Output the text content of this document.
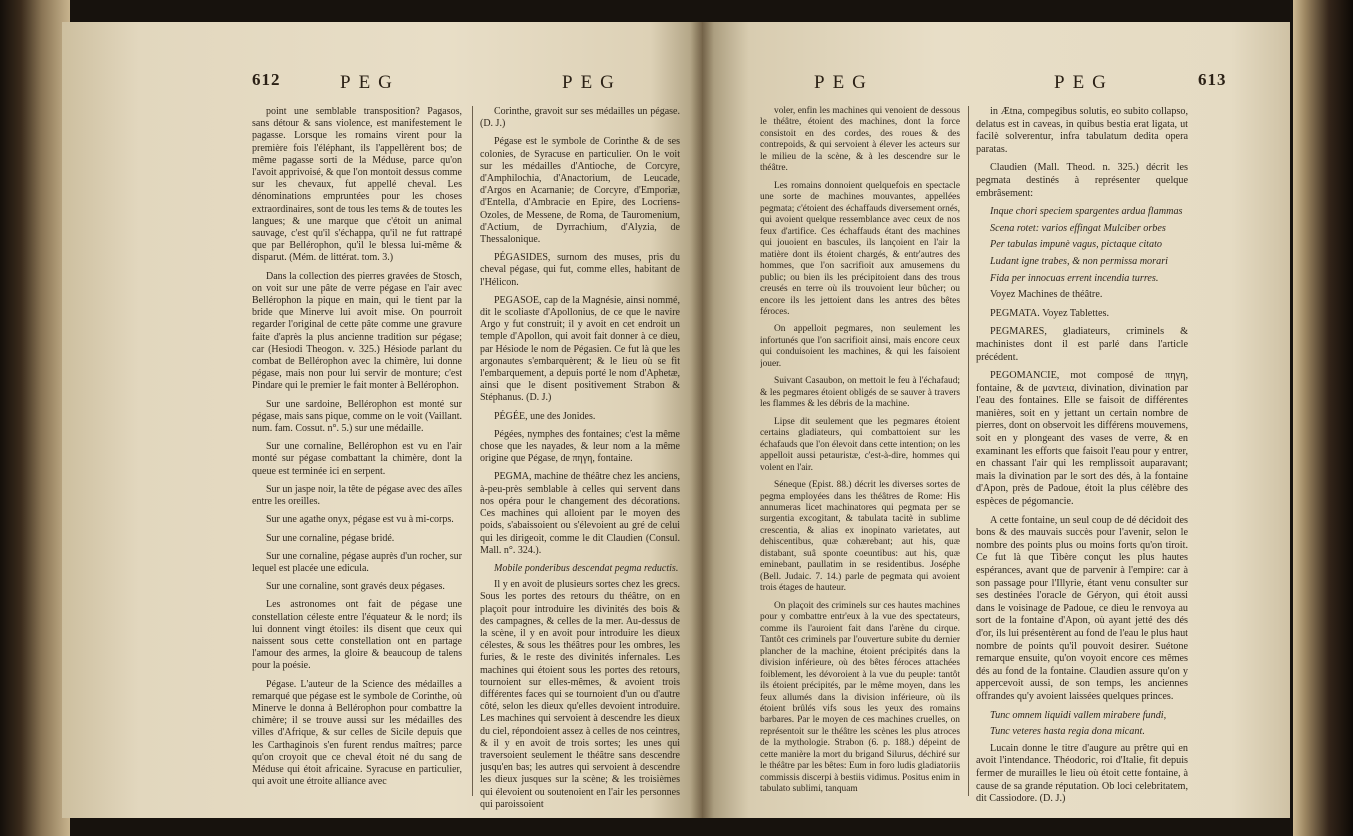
612	PEG	PEG

point une semblable transposition? Pagasos, sans détour & sans violence, est manifestement le pagasse. Lorsque les romains virent pour la première fois l'éléphant, ils l'appellèrent bos; de même pagasse sorti de la Méduse, parce qu'on l'avoit apprivoisé, & que l'on montoit dessus comme sur les chevaux, fut appellé cheval. Les dénominations empruntées pour les choses extraordinaires, sont de tous les tems & de toutes les langues; & une marque que c'étoit un animal sauvage, c'est qu'il s'échappa, qu'il ne fut rattrapé que par Bellérophon, qu'il le blessa lui-même & disparut. (Mém. de littérat. tom. 3.)

Dans la collection des pierres gravées de Stosch, on voit sur une pâte de verre pégase en l'air avec Bellérophon la pique en main, qui le tient par la bride que Minerve lui avoit mise. On pourroit regarder l'original de cette pâte comme une gravure faite d'après la plus ancienne tradition sur pégase; car (Hesiodi Theogon. v. 325.) Hésiode parlant du combat de Bellérophon avec la chimère, lui donne pégase, mais non pour lui servir de monture; c'est Pindare qui le premier le fait monter à Bellérophon.

Sur une sardoine, Bellérophon est monté sur pégase, mais sans pique, comme on le voit (Vaillant. num. fam. Cossut. n°. 5.) sur une médaille.

Sur une cornaline, Bellérophon est vu en l'air monté sur pégase combattant la chimère, dont la queue est terminée ici en serpent.

Sur un jaspe noir, la tête de pégase avec des aîles entre les oreilles.

Sur une agathe onyx, pégase est vu à mi-corps.

Sur une cornaline, pégase bridé.

Sur une cornaline, pégase auprès d'un rocher, sur lequel est placée une edicula.

Sur une cornaline, sont gravés deux pégases.

Les astronomes ont fait de pégase une constellation céleste entre l'équateur & le nord; ils lui donnent vingt étoiles: ils disent que ceux qui naissent sous cette constellation ont en partage l'amour des armes, la gloire & beaucoup de talens pour la poésie.

Pégase. L'auteur de la Science des médailles a remarqué que pégase est le symbole de Corinthe, où Minerve le donna à Bellérophon pour combattre la chimère; il se trouve aussi sur les médailles des villes d'Afrique, & sur celles de Sicile depuis que les Carthaginois s'en furent rendus maîtres; parce qu'on croyoit que ce cheval étoit né du sang de Méduse qui étoit africaine. Syracuse en particulier, qui avoit une étroite alliance avec

Corinthe, gravoit sur ses médailles un pégase. (D. J.)

Pégase est le symbole de Corinthe & de ses colonies, de Syracuse en particulier. On le voit sur les médailles d'Antioche, de Corcyre, d'Amphilochia, d'Anactorium, de Leucade, d'Argos en Acarnanie; de Corcyre, d'Emporiæ, d'Entella, d'Ambracie en Epire, des Locriens-Ozoles, de Messene, de Roma, de Tauromenium, d'Actium, de Dyrrachium, d'Alyzia, de Thessalonique.

PÉGASIDES, surnom des muses, pris du cheval pégase, qui fut, comme elles, habitant de l'Hélicon.

PEGASOE, cap de la Magnésie, ainsi nommé, dit le scoliaste d'Apollonius, de ce que le navire Argo y fut construit; il y avoit en cet endroit un temple d'Apollon, qui avoit fait donner à ce dieu, par Hésiode le nom de Pégasien. Ce fut là que les argonautes s'embarquèrent; & le lieu où se fit l'embarquement, a depuis porté le nom d'Aphetæ, ainsi que le disent positivement Strabon & Stéphanus. (D. J.)

PÉGÉE, une des Jonides.

Pégées, nymphes des fontaines; c'est la même chose que les nayades, & leur nom a la même origine que Pégase, de πηγη, fontaine.

PEGMA, machine de théâtre chez les anciens, à-peu-près semblable à celles qui servent dans nos opéra pour le changement des décorations. Ces machines qui alloient par le moyen des poids, s'abaissoient ou s'élevoient au gré de celui qui les dirigeoit, comme le dit Claudien (Consul. Mall. n°. 324.).

Mobile ponderibus descendat pegma reductis.

Il y en avoit de plusieurs sortes chez les grecs. Sous les portes des retours du théâtre, on en plaçoit pour introduire les divinités des bois & des campagnes, & celles de la mer. Au-dessus de la scène, il y en avoit pour introduire les dieux célestes, & sous les théâtres pour les ombres, les furies, & le reste des divinités infernales. Les machines qui étoient sous les portes des retours, tournoient sur elles-mêmes, & avoient trois différentes faces qui se tournoient d'un ou d'autre côté, selon les dieux qu'elles devoient introduire. Les machines qui servoient à descendre les dieux du ciel, répondoient assez à celles de nos ceintres, & il y en avoit de trois sortes; les unes qui traversoient seulement le théâtre sans descendre jusqu'en bas; les autres qui servoient à descendre les dieux jusques sur la scène; & les troisièmes qui élevoient ou soutenoient en l'air les personnes qui paroissoient

PEG	PEG	613

voler, enfin les machines qui venoient de dessous le théâtre, étoient des machines, dont la force consistoit en des cordes, des roues & des contrepoids, & qui servoient à élever les acteurs sur le milieu de la scène, & à les descendre sur le théâtre.

Les romains donnoient quelquefois en spectacle une sorte de machines mouvantes, appellées pegmata; c'étoient des échaffauds diversement ornés, qui avoient quelque ressemblance avec ceux de nos feux d'artifice. Ces échaffauds étant des machines qui jouoient en bascules, ils lançoient en l'air la matière dont ils étoient chargés, & entr'autres des hommes, que l'on sacrifioit aux amusemens du public; ou bien ils les précipitoient dans des trous creusés en terre où ils trouvoient leur bûcher; ou encore ils les jettoient dans les antres des bêtes féroces.

On appelloit pegmares, non seulement les infortunés que l'on sacrifioit ainsi, mais encore ceux qui conduisoient les machines, & qui les faisoient jouer.

Suivant Casaubon, on mettoit le feu à l'échafaud; & les pegmares étoient obligés de se sauver à travers les flammes & les débris de la machine.

Lipse dit seulement que les pegmares étoient certains gladiateurs, qui combattoient sur les échafauds que l'on élevoit dans cette intention; on les appelloit aussi petauristæ, c'est-à-dire, hommes qui volent en l'air.

Séneque (Epist. 88.) décrit les diverses sortes de pegma employées dans les théâtres de Rome: His annumeras licet machinatores qui pegmata per se surgentia excogitant, & tabulata tacitè in sublime crescentia, & alias ex inopinato varietates, aut dehiscentibus, quæ cohærebant; aut his, quæ distabant, suâ sponte coeuntibus: aut his, quæ eminebant, paullatim in se residentibus. Joséphe (Bell. Judaic. 7. 14.) parle de pegmata qui avoient trois étages de hauteur.

On plaçoit des criminels sur ces hautes machines pour y combattre entr'eux à la vue des spectateurs, comme ils l'auroient fait dans l'arène du cirque. Tantôt ces criminels par l'ouverture subite du dernier plancher de la machine, étoient précipités dans la division inférieure, où des bêtes féroces attachées foiblement, les dévoroient à la vue du peuple: tantôt ils étoient précipités, par le même moyen, dans les feux allumés dans la division inférieure, où ils étoient brûlés vifs sous les yeux des romains barbares. Par le moyen de ces machines cruelles, on représentoit sur le théâtre les scènes les plus atroces de la mythologie. Strabon (6. p. 188.) dépeint de cette manière la mort du brigand Silurus, déchiré sur le théâtre par les bêtes: Eum in foro ludis gladiatoriis commissis discerpi à bestiis vidimus. Positus enim in tabulato sublimi, tanquam

in Ætna, compegibus solutis, eo subito collapso, delatus est in caveas, in quibus bestia erat ligata, ut facilè solverentur, infra tabulatum dedita opera paratas.

Claudien (Mall. Theod. n. 325.) décrit les pegmata destinés à représenter quelque embrâsement:

Inque chori speciem spargentes ardua flammas

Scena rotet: varios effingat Mulciber orbes

Per tabulas impunè vagus, pictaque citato

Ludant igne trabes, & non permissa morari

Fida per innocuas errent incendia turres.

Voyez Machines de théâtre.

PEGMATA. Voyez Tablettes.

PEGMARES, gladiateurs, criminels & machinistes dont il est parlé dans l'article précédent.

PEGOMANCIE, mot composé de πηγη, fontaine, & de μαντεια, divination, divination par l'eau des fontaines. Elle se faisoit de différentes manières, soit en y jettant un certain nombre de pierres, dont on observoit les différens mouvemens, soit en y plongeant des vases de verre, & en examinant les efforts que faisoit l'eau pour y entrer, en chassant l'air qui les remplissoit auparavant; mais la divination par le sort des dés, à la fontaine d'Apon, près de Padoue, étoit la plus célèbre des espèces de pégomancie.

A cette fontaine, un seul coup de dé décidoit des bons & des mauvais succès pour l'avenir, selon le nombre des points plus ou moins forts qu'on tiroit. Ce fut là que Tibère conçut les plus hautes espérances, avant que de parvenir à l'empire: car à son passage pour l'Illyrie, étant venu consulter sur ses destinées l'oracle de Géryon, qui étoit aussi dans le voisinage de Padoue, ce dieu le renvoya au sort de la fontaine d'Apon, où ayant jetté des dés d'or, ils lui présentèrent au fond de l'eau le plus haut nombre de points qu'il pouvoit desirer. Suétone remarque ensuite, qu'on voyoit encore ces mêmes dés au fond de la fontaine. Claudien assure qu'on y appercevoit aussi, de son temps, les anciennes offrandes qu'y avoient laissées quelques princes.

Tunc omnem liquidi vallem mirabere fundi,

Tunc veteres hasta regia dona micant.

Lucain donne le titre d'augure au prêtre qui en avoit l'intendance. Théodoric, roi d'Italie, fit depuis fermer de murailles le lieu où étoit cette fontaine, à cause de sa grande réputation. Ob loci celebritatem, dit Cassiodore. (D. J.)
